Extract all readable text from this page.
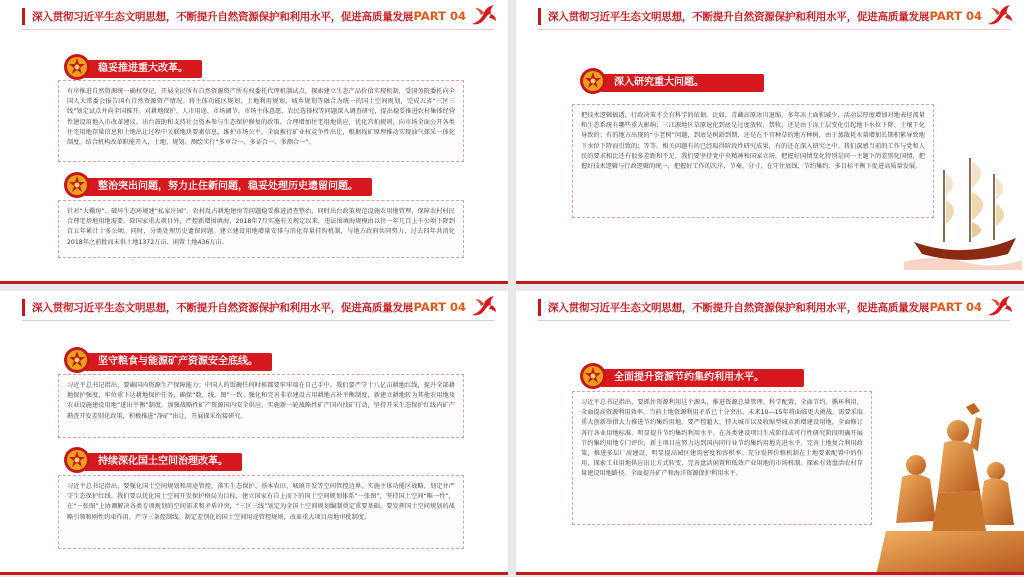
深入贯彻习近平生态文明思想，不断提升自然资源保护和利用水平，促进高质量发展 PART 04
稳妥推进重大改革。

有序推进自然资源统一确权登记，开展全民所有自然资源资产所有权委托代理机制试点，探索建立生态产品价值实现机制，受国务院委托向全国人大常委会报告国有自然资源资产情况。将主体功能区规划、土地利用规划、城乡规划等融合为统一的国土空间规划，完成五省“三区三线”划定试点并向全国推开。对耕地保护、人市用途、市场调节、市场主体意愿、农民选择权等问题深入调查研究，提出稳妥推进农村集体经营性建设用地入市改革建议。出台鼓助和支持社会资本参与生态保护修复的政策。合理增加住宅用地供应，优化宫拍规则，向市场全面公开各类住宅用地存量信息和土地出让过程中关联地块要素信息，维护市场公平。全面推行矿业权竞争性出让，根据找矿原理推动实现油气探采一体化制度。结合机构改革职能开入，土地、规划、测绘实行“多审合一、多证合一、多测合一”。

整治突出问题，努力止住新问题，稳妥处理历史遗留问题。

针对“大棚房”、破坏生态环境建“私家庄园”、农村乱占耕地建房等问题稳妥推进清查整治，同时出台政策规范设施农用地管理，保障农村村民合理宅基地用地需要。除国家重大项目外，严控新增围填海，2018年7月实施有关规定以来，违法围填海规模由以往一年几百上千公顷下降到百五年累计十多公顷。同时，分类处理历史遗留问题。建立建设用地增量安排与消化存量挂钩机制，与地方政府共同努力，过去四年共消化2018年之前批而未供土地1372万亩、闲置土地436万亩。

深入贯彻习近平生态文明思想，不断提升自然资源保护和利用水平，促进高质量发展 PART 04
深入研究重大问题。

把技术逻辑搞透，行政决策才会有科学的依据。比如，青藏高原冰川退缩、多年冻土面积减少、活动层厚度增加对地表径流量和生态系统有哪些重大影响；三江源地区草原退化到底是过度放牧、禁牧，还是由于冻土层变化引起地下水位下降、土壤干化导致的；有的地方出现的“小老树”问题，到底是树龄到期，还是在不宜种草的地方种树，由于蒸散耗水量增加长期积累导致地下水位下降而引致的；等等。相关问题有的已经取得阶段性研究成果，有的还在深入研究之中。我们深感当前的工作与党和人民的要求相比还有很多差距和不足，我们要坚持党中央精神和国家立场，把握好国情变化特别是同一主题下的差别化国情，把握好技术逻辑与行政逻辑的统一，把握好工作的次序、节奏、分寸，在守住底线、节约集约、多目标平衡下促进高质量发展。

深入贯彻习近平生态文明思想，不断提升自然资源保护和利用水平，促进高质量发展 PART 04
坚守粮食与能源矿产资源安全底线。

习近平总书记指出，要确国内资源生产保障能力；中国人的饭碗任何时候都要牢牢端在自己手中。我们要严守十八亿亩耕地红线，提升全部耕地保护强度，牢位重下达耕地保护任务，确保“数、线、图”一致。强化和完善非农建设占用耕地占补平衡制度，新建立耕地转为其他农用地及农业设施建设用地“进出平衡”制度。加强战略性矿产资源国内安全供应，实施新一轮战略性矿产国内找矿行动，坚持开采生态保护红线内矿产勘查开发差别化政策，积极推进“净矿”出让，开展探采衔接研究。

持续深化国土空间治理改革。

习近平总书记指出，要强化国土空间规划和用途管控，落实生态保护、基本农田、城镇开发等空间管控边界，实施主体功能区战略，划定并严守生态保护红线。我们要以优化国土空间开发保护格局为目标，建立国家有自上而下的国土空间规划体系“一张图”，坚持国土空间“唯一性”，在“一张图”上协调解决各类专项规划的空间需求和矛盾冲突，“三区三线”划定为全国土空间规划编制奠定重要基础，要发挥国土空间规划的战略引领和刚性约束作用，严守三条控制线。制定差别化的国土空间用途管控规则，改革重大项目用地审批制度。

深入贯彻习近平生态文明思想，不断提升自然资源保护和利用水平，促进高质量发展 PART 04
全面提升资源节约集约利用水平。

习近平总书记指出，要抓住资源利用这个源头，推进资源总量管理、科学配置、全面节约、循环利用，全面提高资源利用效率。当前土地资源利用矛盾已十分突出，未来10—15年将面临更大挑战，需要采取重大创新举措大力推进节约集约用地。要严控超大、特大城市以及收缩型城市新增建设用地，全面修订各行各业用地标准，明显提升节约集约利用水平。在各类建设项目生成阶段或可行性研究阶段明确开展节约集约用地专门评价，新上项目应努力达到国内同行业节约集约用地先进水平。完善土地复合利用政策，推进多层厂房建设，明显提高园区建筑密度和容积率。充分发挥价格机制在土地要素配置中的作用，探索工业用地供应出让方式转变，完善盘活闲置和低效产业用地的市场机制。探索有效盘活农村存量建设用地路径。全面提升矿产和海洋资源保护利用水平。
